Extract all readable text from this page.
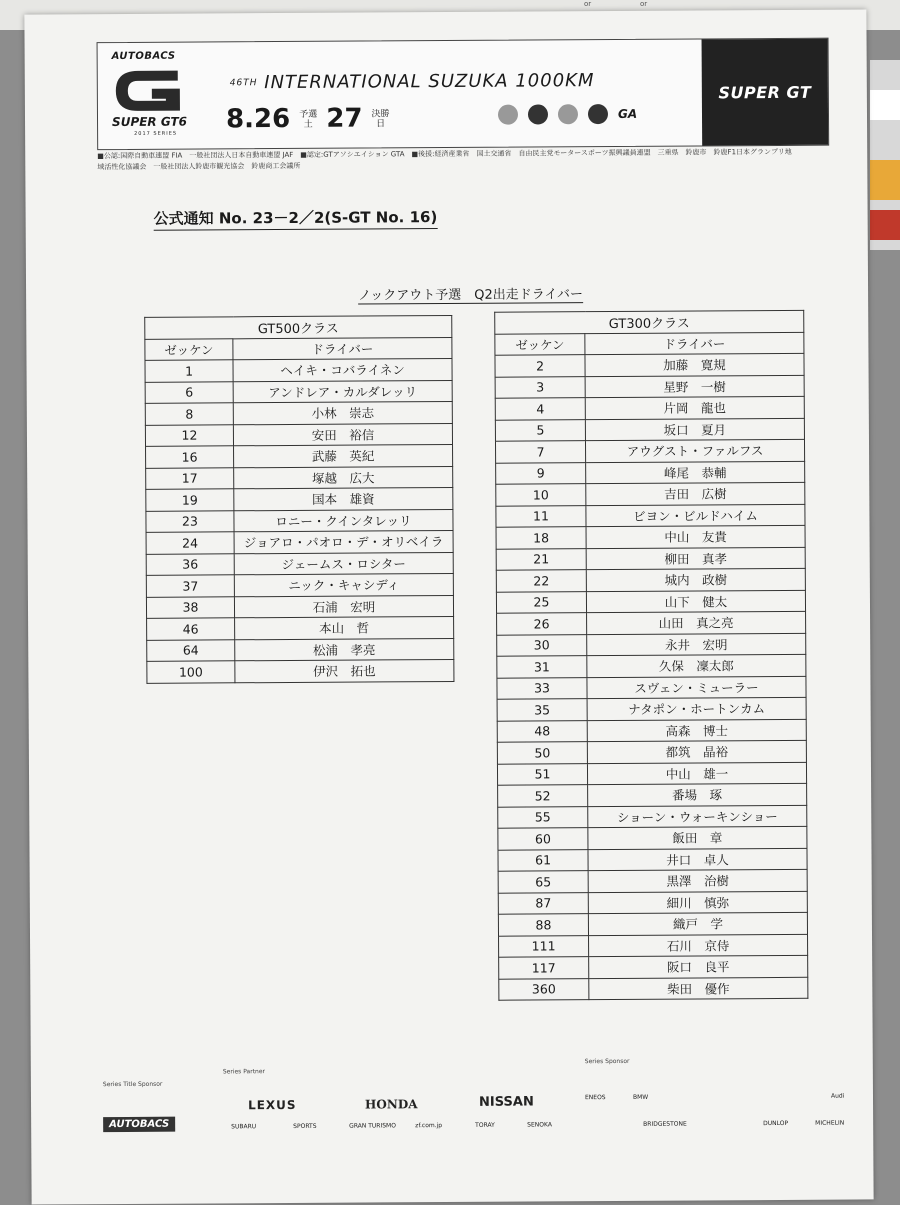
or	or
AUTOBACS
SUPER GT6
2017 SERIES
46TH INTERNATIONAL SUZUKA 1000KM
8.26 予選
土 27 決勝
日
GA
SUPER GT
■公認:国際自動車連盟 FIA　一般社団法人日本自動車連盟 JAF　■認定:GTアソシエイション GTA　■後援:経済産業省　国土交通省　自由民主党モータースポーツ振興議員連盟　三重県　鈴鹿市　鈴鹿F1日本グランプリ地域活性化協議会　一般社団法人鈴鹿市観光協会　鈴鹿商工会議所
公式通知 No. 23－2／2(S-GT No. 16)
ノックアウト予選　Q2出走ドライバー
GT500クラス	
ゼッケン	ドライバー
1	ヘイキ・コバライネン
6	アンドレア・カルダレッリ
8	小林　崇志
12	安田　裕信
16	武藤　英紀
17	塚越　広大
19	国本　雄資
23	ロニー・クインタレッリ
24	ジョアロ・パオロ・デ・オリベイラ
36	ジェームス・ロシター
37	ニック・キャシディ
38	石浦　宏明
46	本山　哲
64	松浦　孝亮
100	伊沢　拓也
GT300クラス	
ゼッケン	ドライバー
2	加藤　寛規
3	星野　一樹
4	片岡　龍也
5	坂口　夏月
7	アウグスト・ファルフス
9	峰尾　恭輔
10	吉田　広樹
11	ビヨン・ビルドハイム
18	中山　友貴
21	柳田　真孝
22	城内　政樹
25	山下　健太
26	山田　真之亮
30	永井　宏明
31	久保　凜太郎
33	スヴェン・ミューラー
35	ナタポン・ホートンカム
48	高森　博士
50	都筑　晶裕
51	中山　雄一
52	番場　琢
55	ショーン・ウォーキンショー
60	飯田　章
61	井口　卓人
65	黒澤　治樹
87	細川　慎弥
88	織戸　学
111	石川　京侍
117	阪口　良平
360	柴田　優作
Series Title Sponsor
Series Partner
Series Sponsor
AUTOBACS
LEXUS	HONDA	NISSAN
SUBARU	SPORTS	GRAN TURISMO	zf.com.jp	TORAY	SENOKA
ENEOS	BMW	Audi
BRIDGESTONE	DUNLOP	MICHELIN
